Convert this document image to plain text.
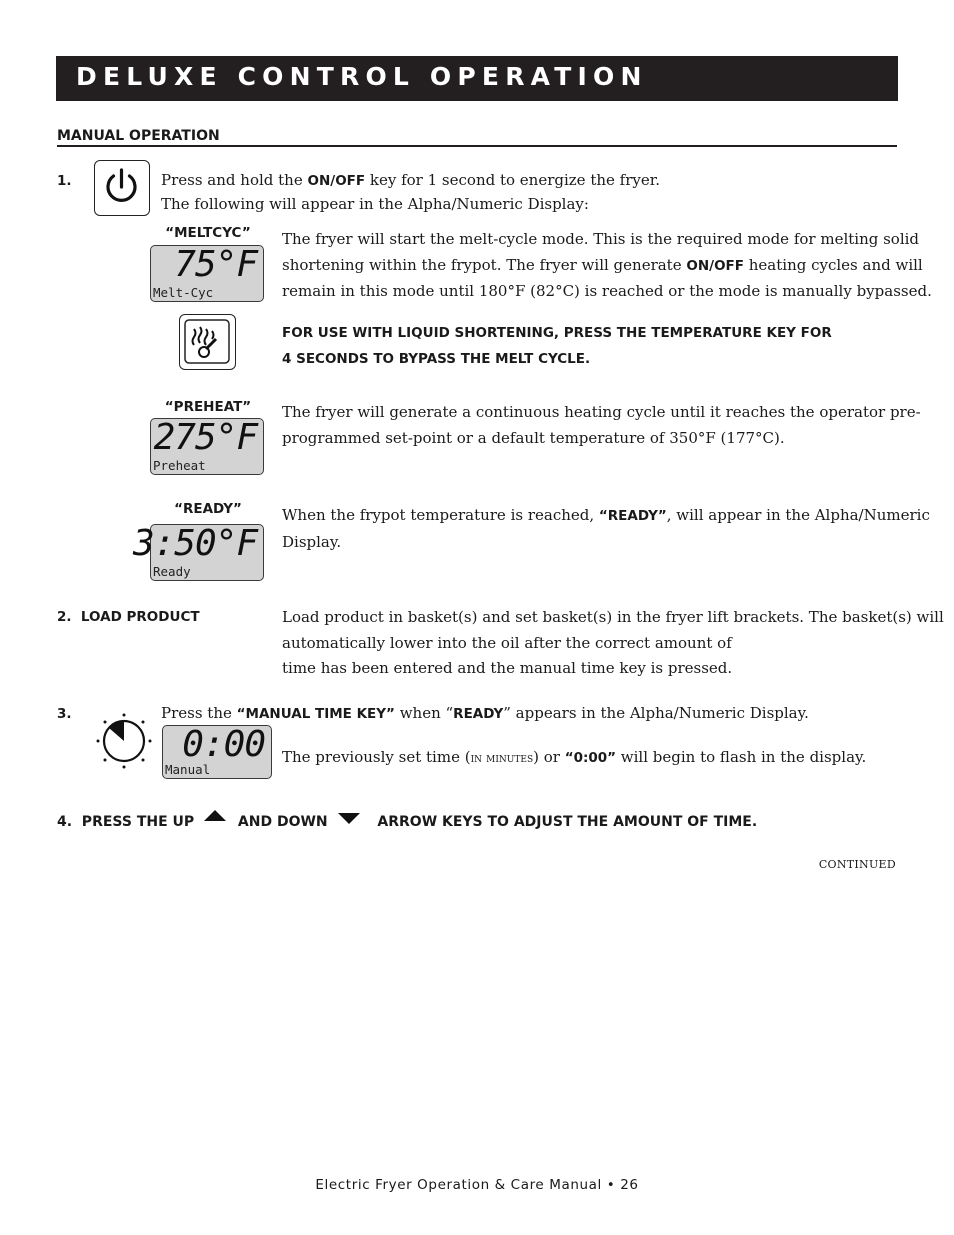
DELUXE CONTROL OPERATION
MANUAL OPERATION
1.	Press and hold the ON/OFF key for 1 second to energize the fryer.
The following will appear in the Alpha/Numeric Display:
“MELTCYC”
75°F
Melt-Cyc
The fryer will start the melt-cycle mode. This is the required mode for melting solid
shortening within the frypot. The fryer will generate ON/OFF heating cycles and will
remain in this mode until 180°F (82°C) is reached or the mode is manually bypassed.
FOR USE WITH LIQUID SHORTENING, PRESS THE TEMPERATURE KEY FOR
4 SECONDS TO BYPASS THE MELT CYCLE.
“PREHEAT”
275°F
Preheat
The fryer will generate a continuous heating cycle until it reaches the operator pre-
programmed set-point or a default temperature of 350°F (177°C).
“READY”
3:50°F
Ready
When the frypot temperature is reached, “READY”, will appear in the Alpha/Numeric
Display.
2.  LOAD PRODUCT	Load product in basket(s) and set basket(s) in the fryer lift brackets. The basket(s) will
automatically lower into the oil after the correct amount of
time has been entered and the manual time key is pressed.
3.	Press the “MANUAL TIME KEY” when “READY” appears in the Alpha/Numeric Display.
0:00
Manual
The previously set time (in minutes) or “0:00” will begin to flash in the display.
4.  PRESS THE UP	AND DOWN	ARROW KEYS TO ADJUST THE AMOUNT OF TIME.
CONTINUED
Electric Fryer Operation & Care Manual • 26
